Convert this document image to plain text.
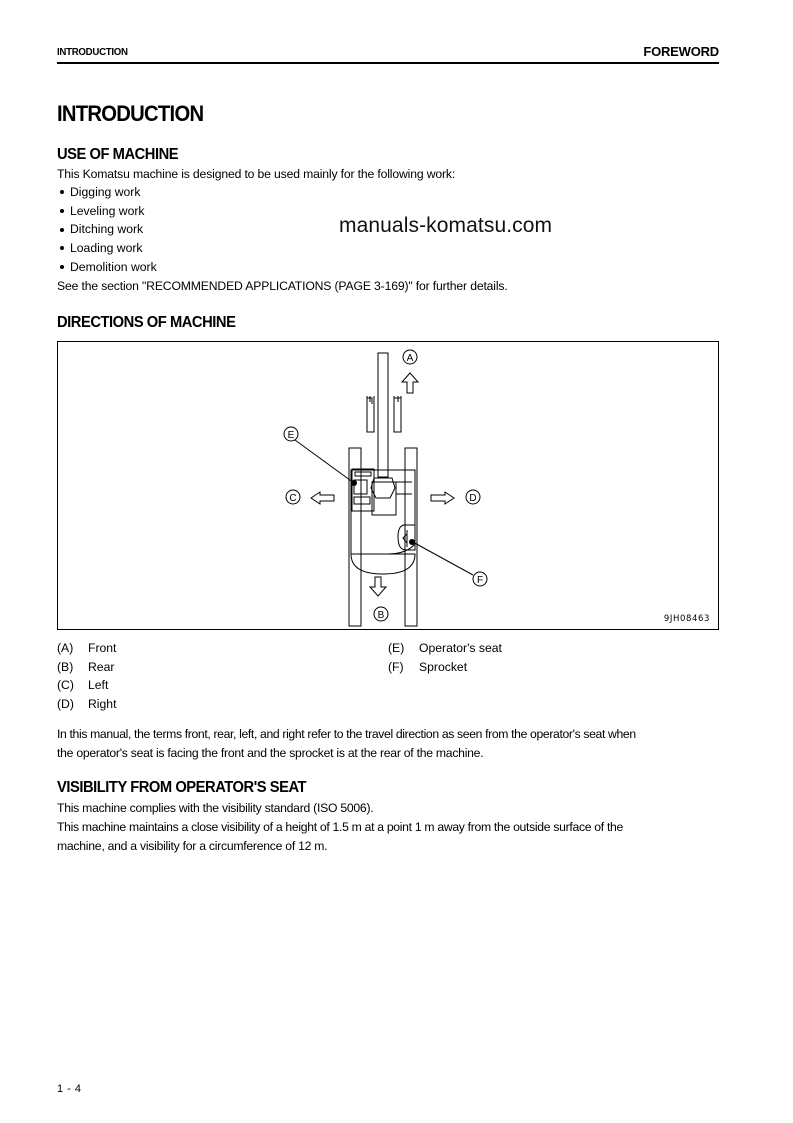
INTRODUCTION	FOREWORD
INTRODUCTION
USE OF MACHINE
This Komatsu machine is designed to be used mainly for the following work:
Digging work
Leveling work
Ditching work
Loading work
Demolition work
manuals-komatsu.com
See the section "RECOMMENDED APPLICATIONS (PAGE 3-169)" for further details.
DIRECTIONS OF MACHINE
A
B
C	D
E
F
9JH08463
(A)	Front
(B)	Rear
(C)	Left
(D)	Right
(E)	Operator's seat
(F)	Sprocket
In this manual, the terms front, rear, left, and right refer to the travel direction as seen from the operator's seat when
the operator's seat is facing the front and the sprocket is at the rear of the machine.
VISIBILITY FROM OPERATOR'S SEAT
This machine complies with the visibility standard (ISO 5006).
This machine maintains a close visibility of a height of 1.5 m at a point 1 m away from the outside surface of the
machine, and a visibility for a circumference of 12 m.
1 - 4
